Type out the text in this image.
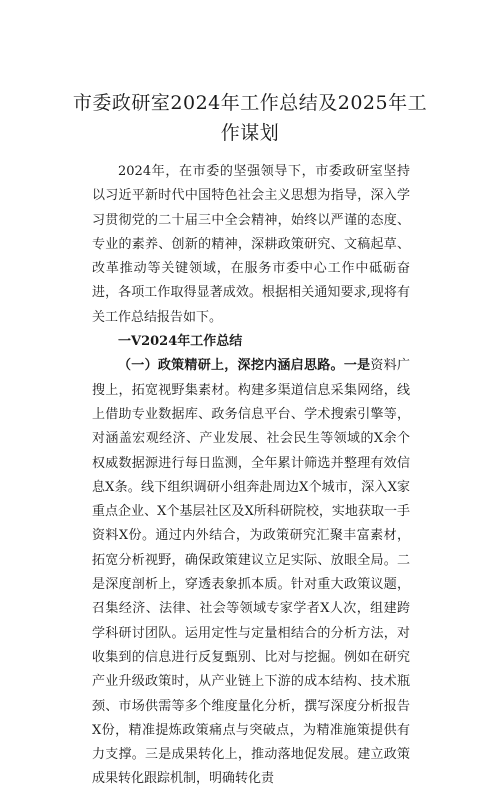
市委政研室2024年工作总结及2025年工作谋划

2024年，在市委的坚强领导下，市委政研室坚持以习近平新时代中国特色社会主义思想为指导，深入学习贯彻党的二十届三中全会精神，始终以严谨的态度、专业的素养、创新的精神，深耕政策研究、文稿起草、改革推动等关键领域，在服务市委中心工作中砥砺奋进，各项工作取得显著成效。根据相关通知要求,现将有关工作总结报告如下。

一V2024年工作总结

（一）政策精研上，深挖内涵启思路。一是资料广搜上，拓宽视野集素材。构建多渠道信息采集网络，线上借助专业数据库、政务信息平台、学术搜索引擎等，对涵盖宏观经济、产业发展、社会民生等领域的X余个权威数据源进行每日监测，全年累计筛选并整理有效信息X条。线下组织调研小组奔赴周边X个城市，深入X家重点企业、X个基层社区及X所科研院校，实地获取一手资料X份。通过内外结合，为政策研究汇聚丰富素材，拓宽分析视野，确保政策建议立足实际、放眼全局。二是深度剖析上，穿透表象抓本质。针对重大政策议题，召集经济、法律、社会等领域专家学者X人次，组建跨学科研讨团队。运用定性与定量相结合的分析方法，对收集到的信息进行反复甄别、比对与挖掘。例如在研究产业升级政策时，从产业链上下游的成本结构、技术瓶颈、市场供需等多个维度量化分析，撰写深度分析报告X份，精准提炼政策痛点与突破点，为精准施策提供有力支撑。三是成果转化上，推动落地促发展。建立政策成果转化跟踪机制，明确转化责
